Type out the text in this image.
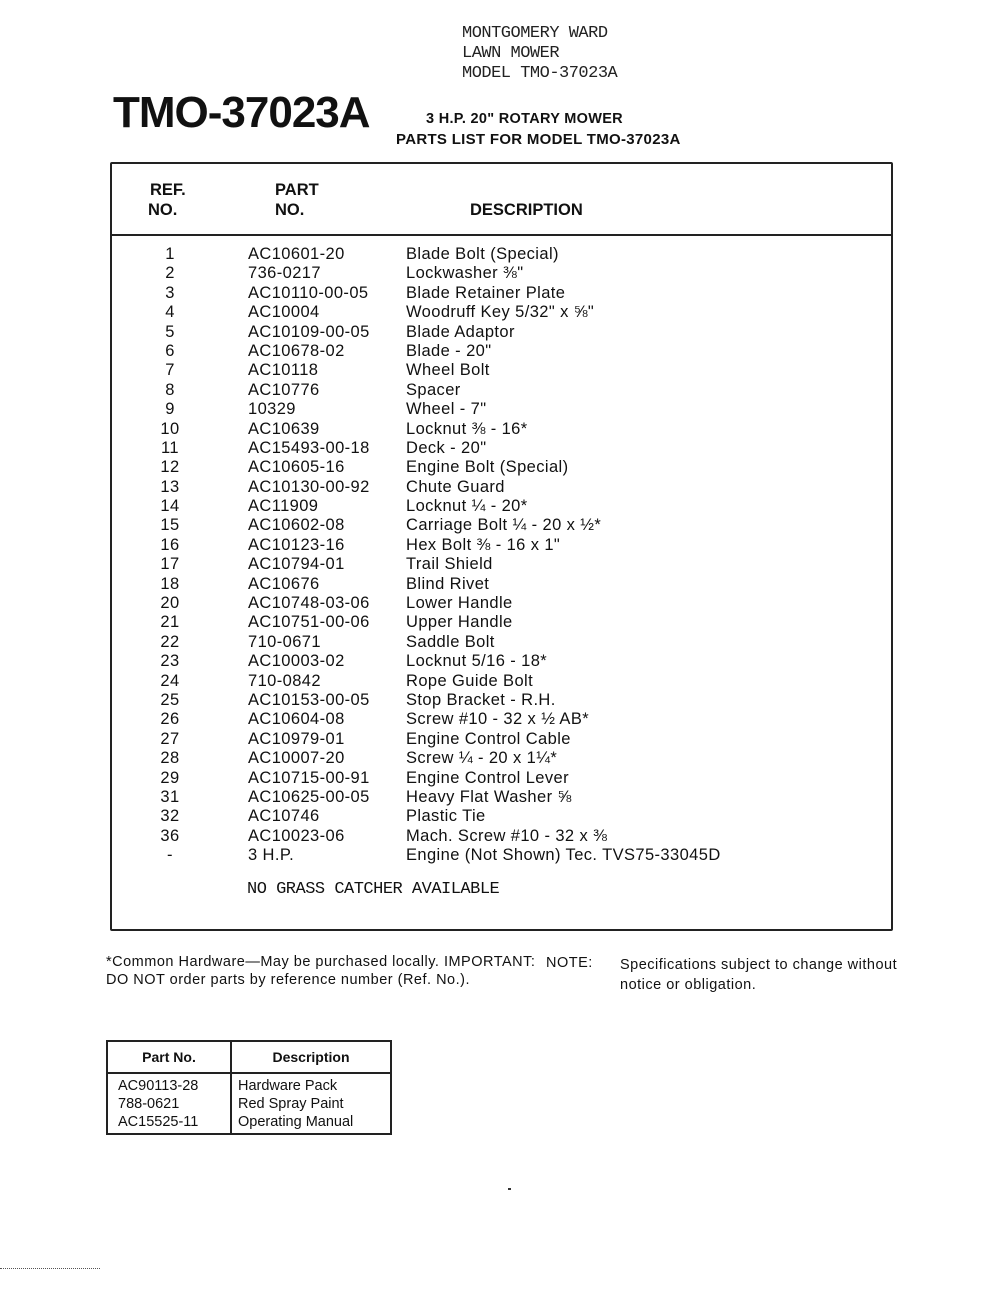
MONTGOMERY WARD
LAWN MOWER
MODEL TMO-37023A
TMO-37023A	3 H.P. 20" ROTARY MOWER
PARTS LIST FOR MODEL TMO-37023A
REF.
NO.
PART
NO.	DESCRIPTION
1	AC10601-20	Blade Bolt (Special)
2	736-0217	Lockwasher ⅜"
3	AC10110-00-05 Blade Retainer Plate
4	AC10004	Woodruff Key 5/32" x ⅝"
5	AC10109-00-05 Blade Adaptor
6	AC10678-02	Blade - 20"
7	AC10118	Wheel Bolt
8	AC10776	Spacer
9	10329	Wheel - 7"
10	AC10639	Locknut ⅜ - 16*
11	AC15493-00-18 Deck - 20"
12	AC10605-16	Engine Bolt (Special)
13	AC10130-00-92 Chute Guard
14	AC11909	Locknut ¼ - 20*
15	AC10602-08	Carriage Bolt ¼ - 20 x ½*
16	AC10123-16	Hex Bolt ⅜ - 16 x 1"
17	AC10794-01	Trail Shield
18	AC10676	Blind Rivet
20	AC10748-03-06 Lower Handle
21	AC10751-00-06 Upper Handle
22	710-0671	Saddle Bolt
23	AC10003-02	Locknut 5/16 - 18*
24	710-0842	Rope Guide Bolt
25	AC10153-00-05 Stop Bracket - R.H.
26	AC10604-08	Screw #10 - 32 x ½ AB*
27	AC10979-01	Engine Control Cable
28	AC10007-20	Screw ¼ - 20 x 1¼*
29	AC10715-00-91 Engine Control Lever
31	AC10625-00-05 Heavy Flat Washer ⅝
32	AC10746	Plastic Tie
36	AC10023-06	Mach. Screw #10 - 32 x ⅜
-	3 H.P.	Engine (Not Shown) Tec. TVS75-33045D
NO GRASS CATCHER AVAILABLE
*Common Hardware—May be purchased locally. IMPORTANT: DO NOT order parts by reference number (Ref. No.).
NOTE: Specifications subject to change without notice or obligation.
Part No.	Description
AC90113-28	Hardware Pack
788-0621	Red Spray Paint
AC15525-11	Operating Manual
